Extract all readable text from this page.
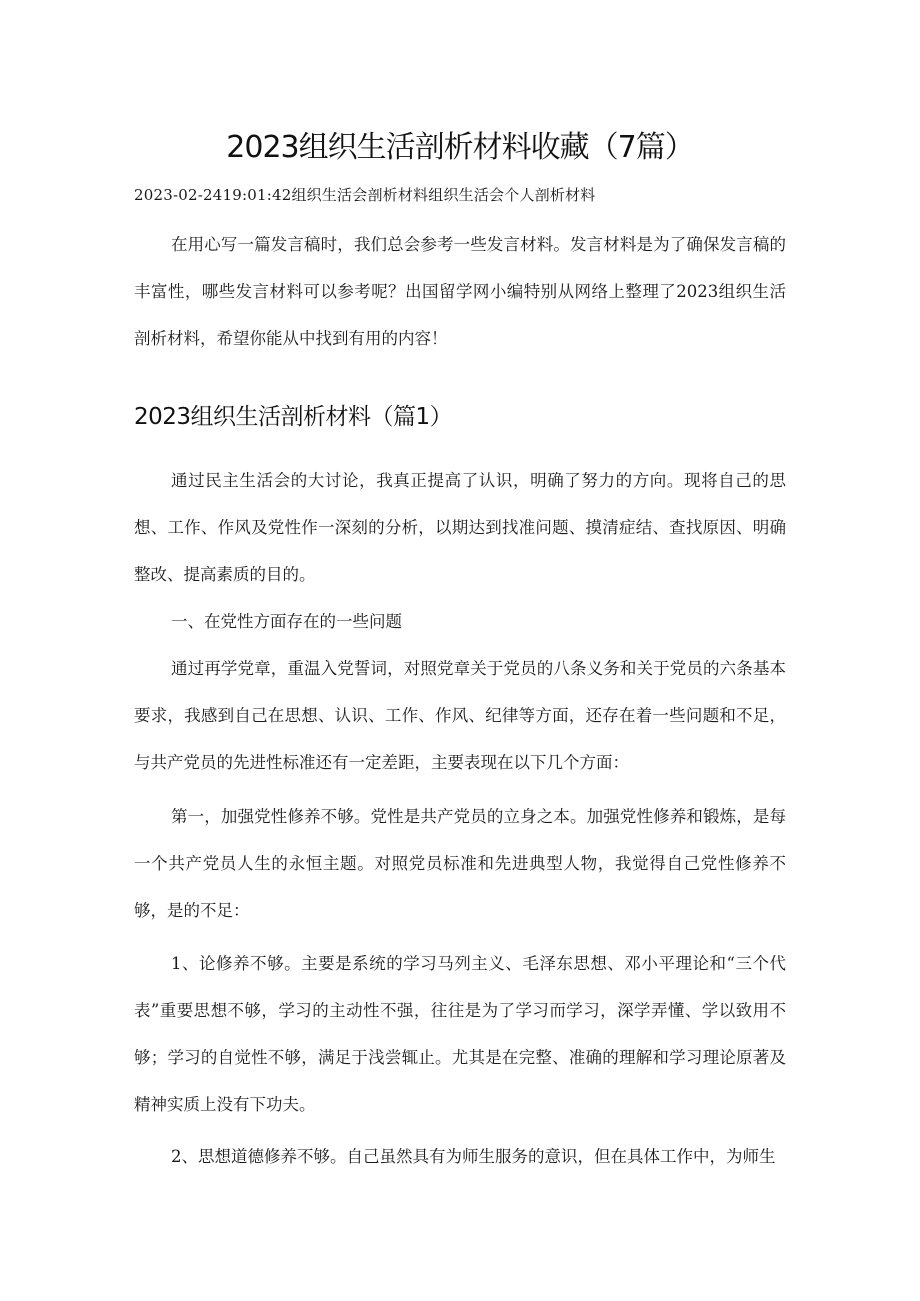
2023组织生活剖析材料收藏（7篇）
2023-02-2419:01:42组织生活会剖析材料组织生活会个人剖析材料

在用心写一篇发言稿时，我们总会参考一些发言材料。发言材料是为了确保发言稿的丰富性，哪些发言材料可以参考呢？出国留学网小编特别从网络上整理了2023组织生活剖析材料，希望你能从中找到有用的内容！

2023组织生活剖析材料（篇1）

通过民主生活会的大讨论，我真正提高了认识，明确了努力的方向。现将自己的思想、工作、作风及党性作一深刻的分析，以期达到找准问题、摸清症结、查找原因、明确整改、提高素质的目的。

一、在党性方面存在的一些问题

通过再学党章，重温入党誓词，对照党章关于党员的八条义务和关于党员的六条基本要求，我感到自己在思想、认识、工作、作风、纪律等方面，还存在着一些问题和不足，与共产党员的先进性标准还有一定差距，主要表现在以下几个方面：

第一，加强党性修养不够。党性是共产党员的立身之本。加强党性修养和锻炼，是每一个共产党员人生的永恒主题。对照党员标准和先进典型人物，我觉得自己党性修养不够，是的不足：

1、论修养不够。主要是系统的学习马列主义、毛泽东思想、邓小平理论和“三个代表”重要思想不够，学习的主动性不强，往往是为了学习而学习，深学弄懂、学以致用不够；学习的自觉性不够，满足于浅尝辄止。尤其是在完整、准确的理解和学习理论原著及精神实质上没有下功夫。

2、思想道德修养不够。自己虽然具有为师生服务的意识，但在具体工作中，为师生
